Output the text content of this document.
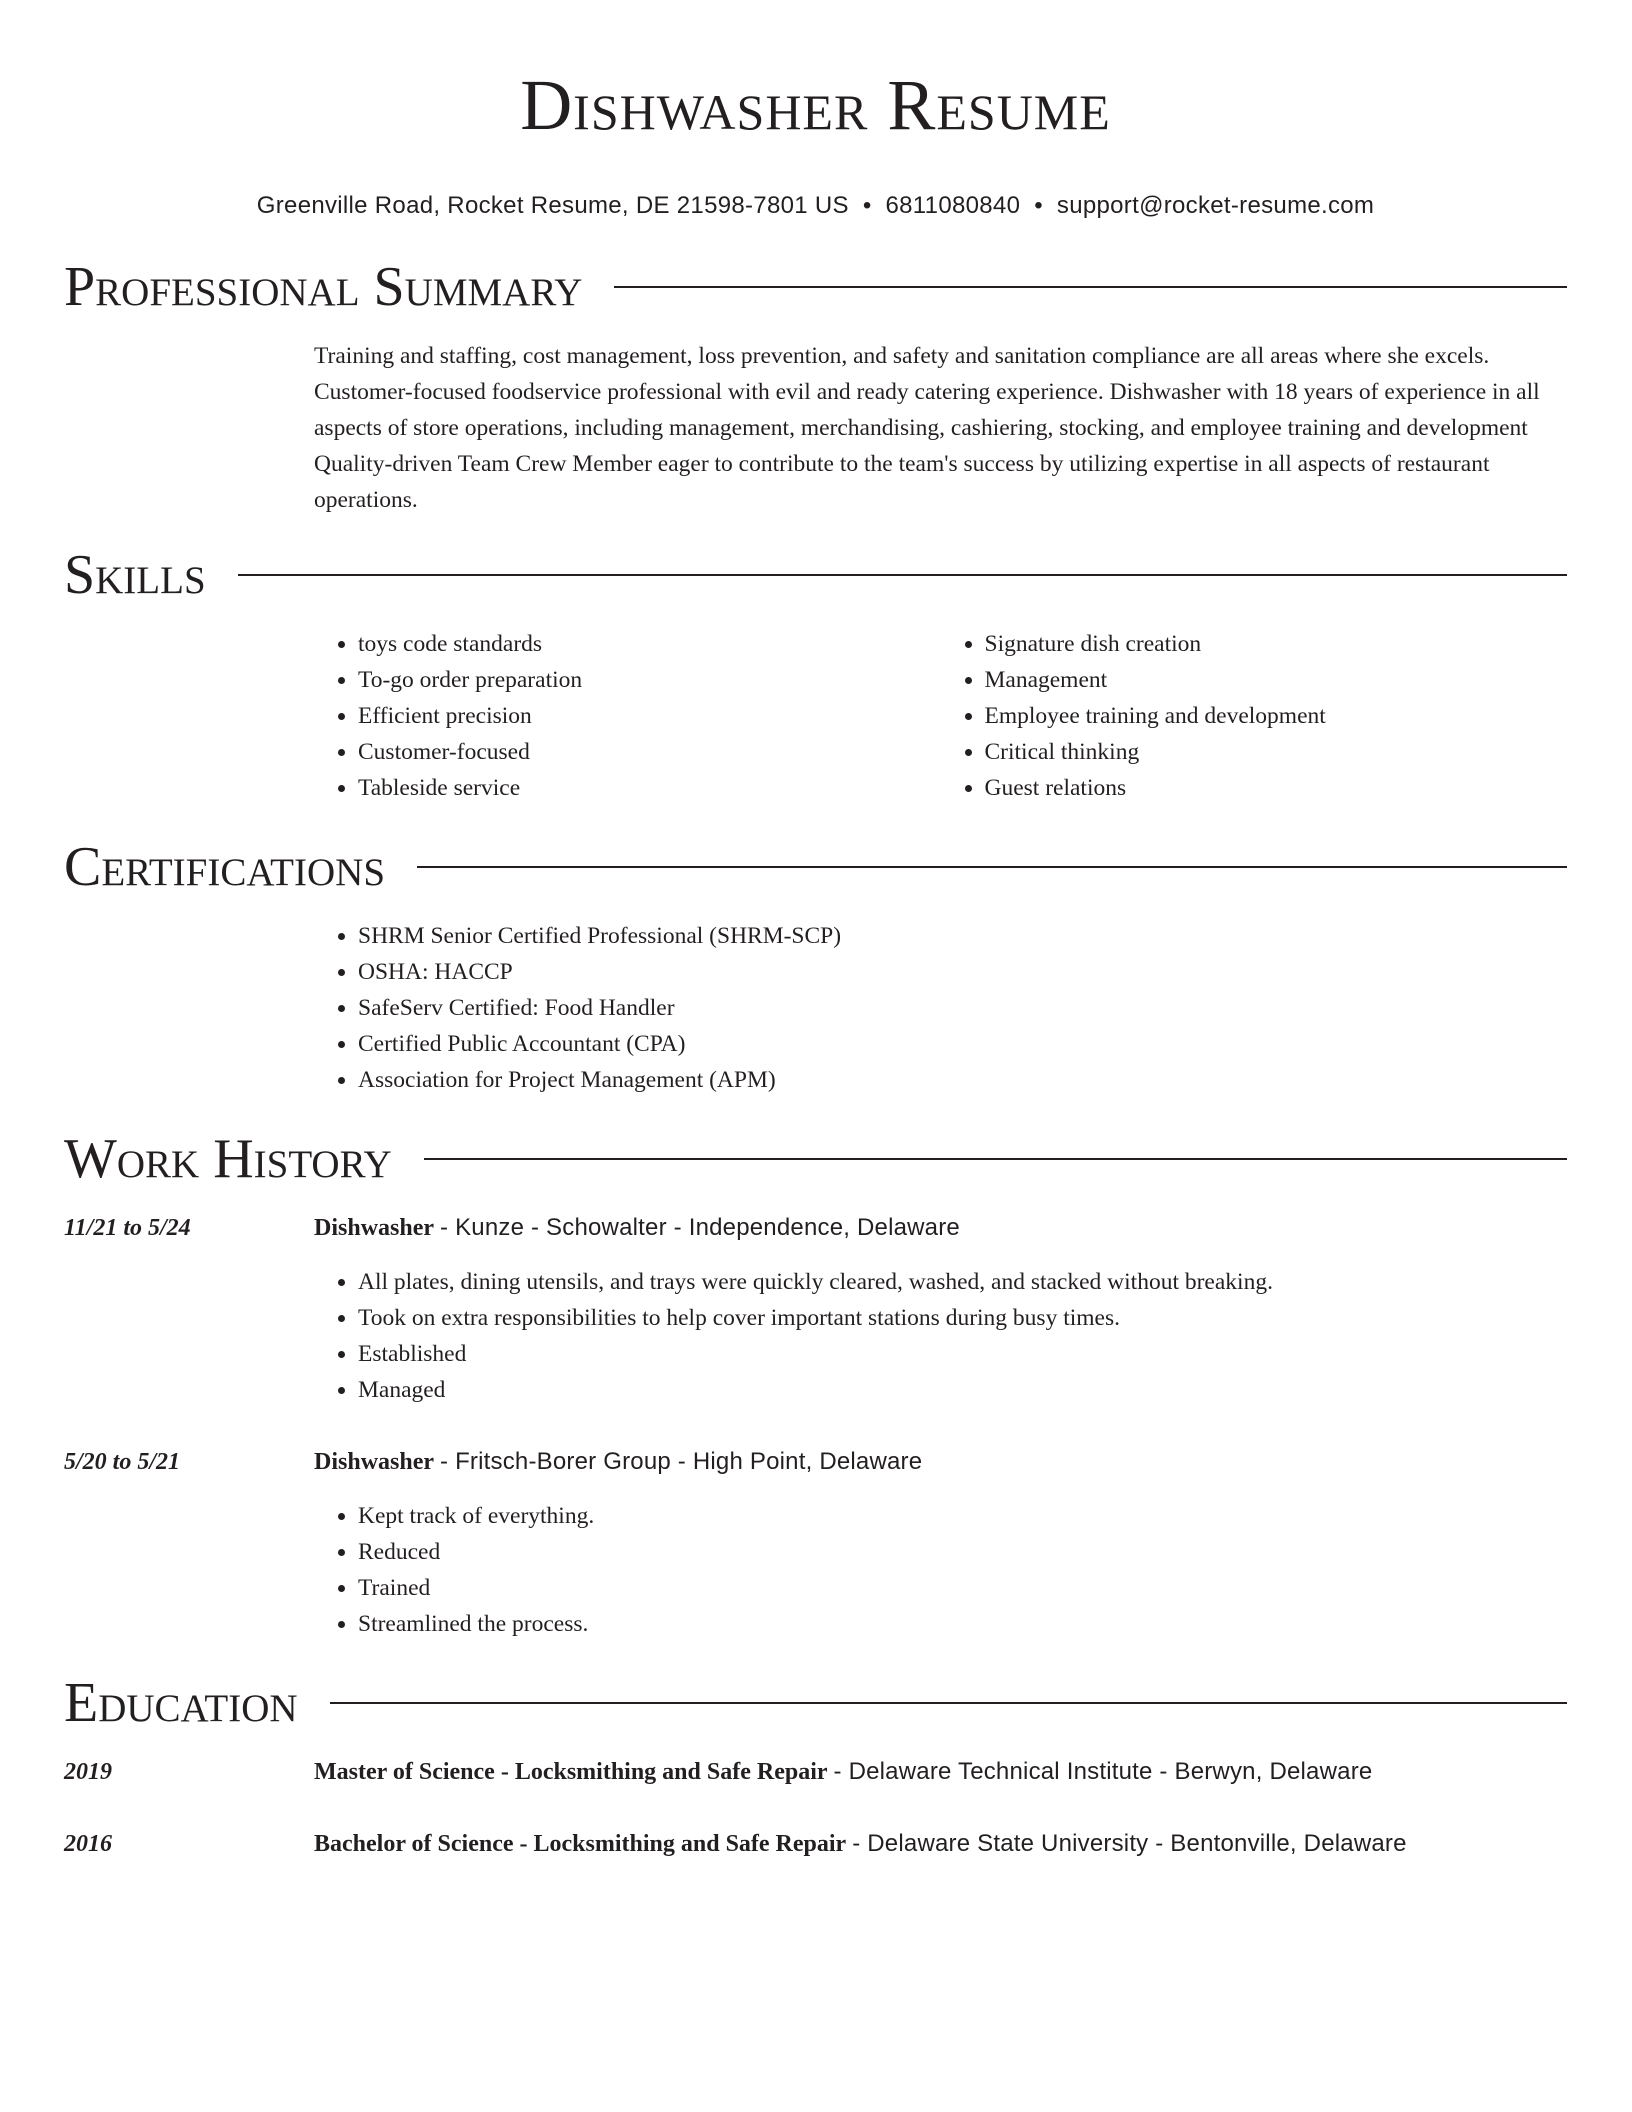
Dishwasher Resume
Greenville Road, Rocket Resume, DE 21598-7801 US • 6811080840 • support@rocket-resume.com
Professional Summary

Training and staffing, cost management, loss prevention, and safety and sanitation compliance are all areas where she excels. Customer-focused foodservice professional with evil and ready catering experience. Dishwasher with 18 years of experience in all aspects of store operations, including management, merchandising, cashiering, stocking, and employee training and development Quality-driven Team Crew Member eager to contribute to the team's success by utilizing expertise in all aspects of restaurant operations.

Skills
• toys code standards
• To-go order preparation
• Efficient precision
• Customer-focused
• Tableside service
• Signature dish creation
• Management
• Employee training and development
• Critical thinking
• Guest relations
Certifications
• SHRM Senior Certified Professional (SHRM-SCP)
• OSHA: HACCP
• SafeServ Certified: Food Handler
• Certified Public Accountant (CPA)
• Association for Project Management (APM)
Work History
11/21 to 5/24	Dishwasher - Kunze - Schowalter - Independence, Delaware
• All plates, dining utensils, and trays were quickly cleared, washed, and stacked without breaking.
• Took on extra responsibilities to help cover important stations during busy times.
• Established
• Managed
5/20 to 5/21	Dishwasher - Fritsch-Borer Group - High Point, Delaware
• Kept track of everything.
• Reduced
• Trained
• Streamlined the process.
Education
2019	Master of Science - Locksmithing and Safe Repair - Delaware Technical Institute - Berwyn, Delaware
2016	Bachelor of Science - Locksmithing and Safe Repair - Delaware State University - Bentonville, Delaware
